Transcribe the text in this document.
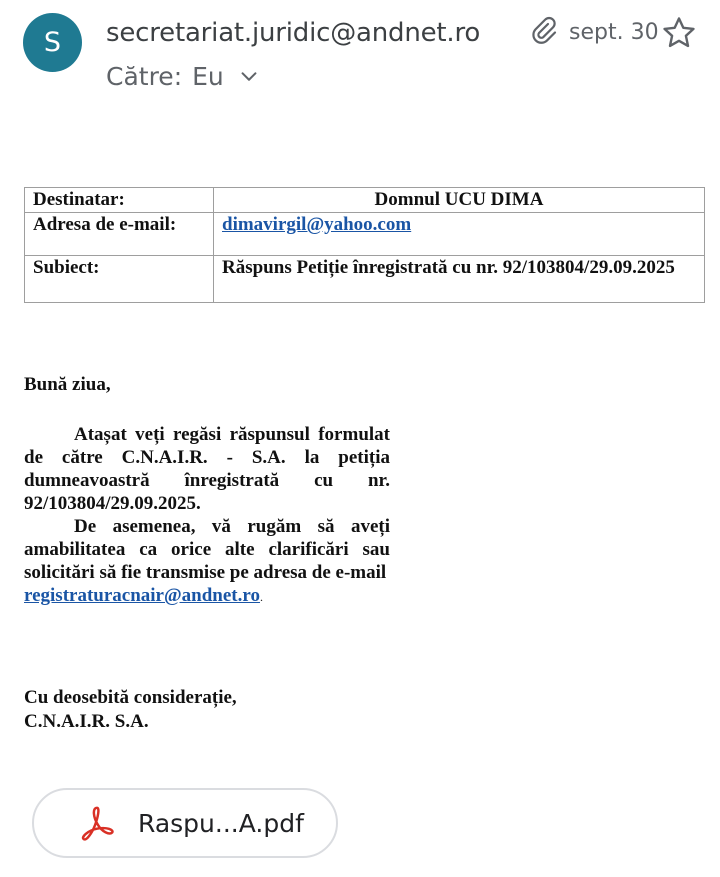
S secretariat.juridic@andnet.ro
Către: Eu
sept. 30
Destinatar:	Domnul UCU DIMA
Adresa de e-mail:	dimavirgil@yahoo.com
Subiect:	Răspuns Petiție înregistrată cu nr. 92/103804/29.09.2025
Bună ziua,

Atașat veți regăsi răspunsul formulat de către C.N.A.I.R. - S.A. la petiția dumneavoastră înregistrată cu nr. 92/103804/29.09.2025.

De asemenea, vă rugăm să aveți amabilitatea ca orice alte clarificări sau solicitări să fie transmise pe adresa de e-mail

registraturacnair@andnet.ro.
Cu deosebită considerație,
C.N.A.I.R. S.A.
Raspu...A.pdf
